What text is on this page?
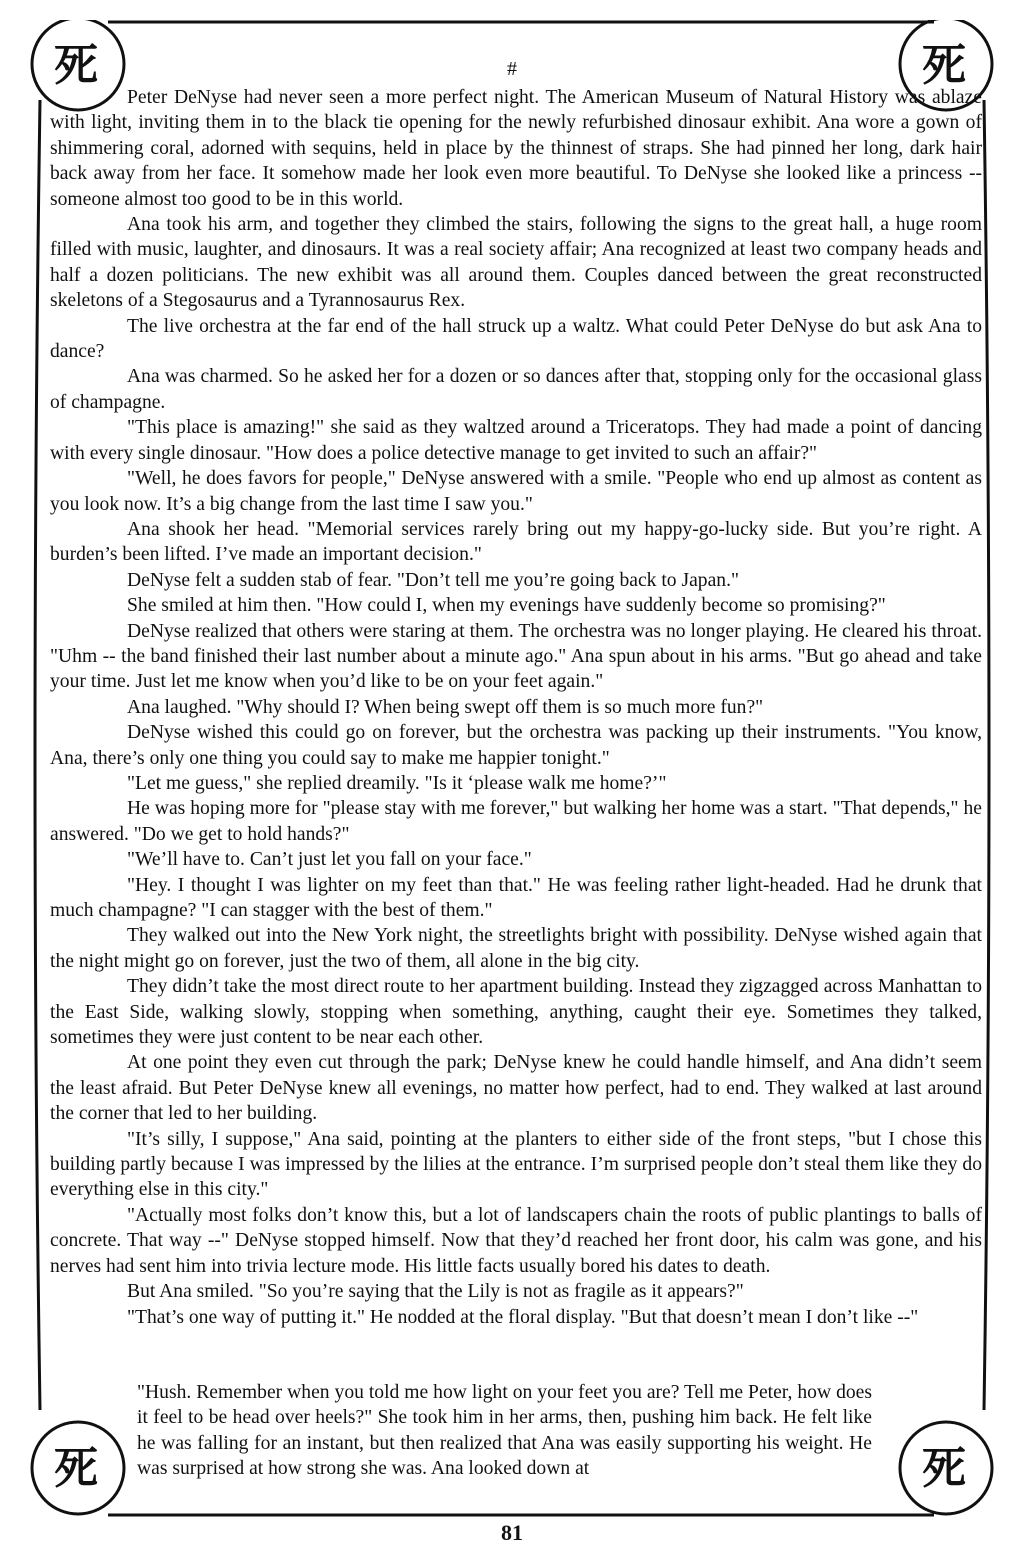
死	死
死	死
#

Peter DeNyse had never seen a more perfect night. The American Museum of Natural History was ablaze with light, inviting them in to the black tie opening for the newly refurbished dinosaur exhibit. Ana wore a gown of shimmering coral, adorned with sequins, held in place by the thinnest of straps. She had pinned her long, dark hair back away from her face. It somehow made her look even more beautiful. To DeNyse she looked like a princess -- someone almost too good to be in this world.

Ana took his arm, and together they climbed the stairs, following the signs to the great hall, a huge room filled with music, laughter, and dinosaurs. It was a real society affair; Ana recognized at least two company heads and half a dozen politicians. The new exhibit was all around them. Couples danced between the great reconstructed skeletons of a Stegosaurus and a Tyrannosaurus Rex.

The live orchestra at the far end of the hall struck up a waltz. What could Peter DeNyse do but ask Ana to dance?

Ana was charmed. So he asked her for a dozen or so dances after that, stopping only for the occasional glass of champagne.

"This place is amazing!" she said as they waltzed around a Triceratops. They had made a point of dancing with every single dinosaur. "How does a police detective manage to get invited to such an affair?"

"Well, he does favors for people," DeNyse answered with a smile. "People who end up almost as content as you look now. It’s a big change from the last time I saw you."

Ana shook her head. "Memorial services rarely bring out my happy-go-lucky side. But you’re right. A burden’s been lifted. I’ve made an important decision."

DeNyse felt a sudden stab of fear. "Don’t tell me you’re going back to Japan."

She smiled at him then. "How could I, when my evenings have suddenly become so promising?"

DeNyse realized that others were staring at them. The orchestra was no longer playing. He cleared his throat. "Uhm -- the band finished their last number about a minute ago." Ana spun about in his arms. "But go ahead and take your time. Just let me know when you’d like to be on your feet again."

Ana laughed. "Why should I? When being swept off them is so much more fun?"

DeNyse wished this could go on forever, but the orchestra was packing up their instruments. "You know, Ana, there’s only one thing you could say to make me happier tonight."

"Let me guess," she replied dreamily. "Is it ‘please walk me home?’"

He was hoping more for "please stay with me forever," but walking her home was a start. "That depends," he answered. "Do we get to hold hands?"

"We’ll have to. Can’t just let you fall on your face."

"Hey. I thought I was lighter on my feet than that." He was feeling rather light-headed. Had he drunk that much champagne? "I can stagger with the best of them."

They walked out into the New York night, the streetlights bright with possibility. DeNyse wished again that the night might go on forever, just the two of them, all alone in the big city.

They didn’t take the most direct route to her apartment building. Instead they zigzagged across Manhattan to the East Side, walking slowly, stopping when something, anything, caught their eye. Sometimes they talked, sometimes they were just content to be near each other.

At one point they even cut through the park; DeNyse knew he could handle himself, and Ana didn’t seem the least afraid. But Peter DeNyse knew all evenings, no matter how perfect, had to end. They walked at last around the corner that led to her building.

"It’s silly, I suppose," Ana said, pointing at the planters to either side of the front steps, "but I chose this building partly because I was impressed by the lilies at the entrance. I’m surprised people don’t steal them like they do everything else in this city."

"Actually most folks don’t know this, but a lot of landscapers chain the roots of public plantings to balls of concrete. That way --" DeNyse stopped himself. Now that they’d reached her front door, his calm was gone, and his nerves had sent him into trivia lecture mode. His little facts usually bored his dates to death.

But Ana smiled. "So you’re saying that the Lily is not as fragile as it appears?"

"That’s one way of putting it." He nodded at the floral display. "But that doesn’t mean I don’t like --"

"Hush. Remember when you told me how light on your feet you are? Tell me Peter, how does it feel to be head over heels?" She took him in her arms, then, pushing him back. He felt like he was falling for an instant, but then realized that Ana was easily supporting his weight. He was surprised at how strong she was. Ana looked down at

81
